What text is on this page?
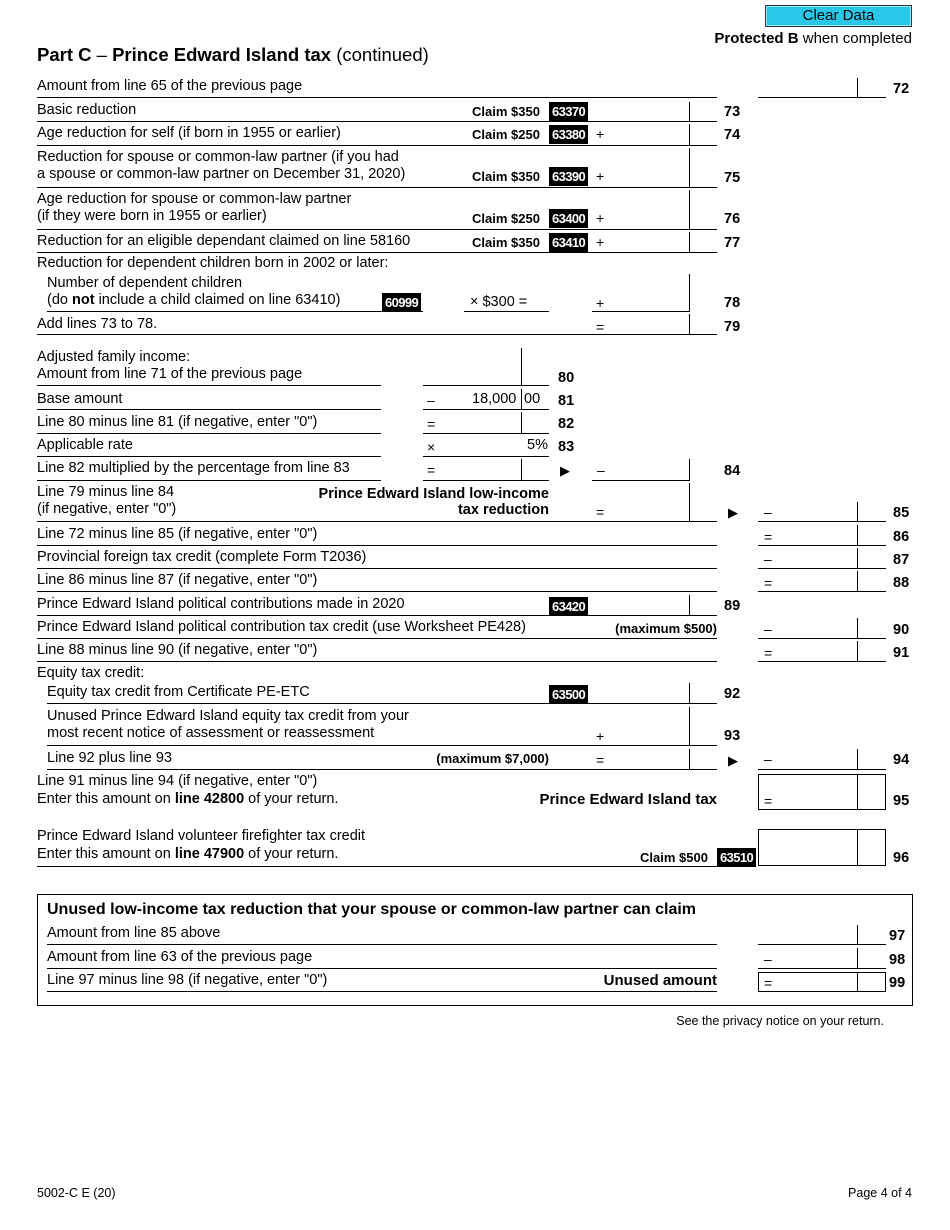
Clear Data
Protected B when completed
Part C – Prince Edward Island tax (continued)
Amount from line 65 of the previous page	72
Basic reduction	Claim $350 63370	73
Age reduction for self (if born in 1955 or earlier)	Claim $250 63380 +	74
Reduction for spouse or common-law partner (if you had
a spouse or common-law partner on December 31, 2020)	Claim $350 63390 +	75
Age reduction for spouse or common-law partner
(if they were born in 1955 or earlier)	Claim $250 63400 +	76
Reduction for an eligible dependant claimed on line 58160	Claim $350 63410 +	77
Reduction for dependent children born in 2002 or later:
Number of dependent children
(do not include a child claimed on line 63410)	60999	× $300 =	+	78
Add lines 73 to 78.	=	79
Adjusted family income:
Amount from line 71 of the previous page	80
Base amount	–	18,000 00 81
Line 80 minus line 81 (if negative, enter "0")	=	82
Applicable rate	×	5% 83
Line 82 multiplied by the percentage from line 83	=	▶ –	84
Line 79 minus line 84
(if negative, enter "0")
Prince Edward Island low-income
tax reduction	=	▶ –	85
Line 72 minus line 85 (if negative, enter "0")	=	86
Provincial foreign tax credit (complete Form T2036)	–	87
Line 86 minus line 87 (if negative, enter "0")	=	88
Prince Edward Island political contributions made in 2020	63420	89
Prince Edward Island political contribution tax credit (use Worksheet PE428)	(maximum $500)	–	90
Line 88 minus line 90 (if negative, enter "0")	=	91
Equity tax credit:
Equity tax credit from Certificate PE-ETC	63500	92
Unused Prince Edward Island equity tax credit from your
most recent notice of assessment or reassessment	+	93
Line 92 plus line 93	(maximum $7,000)	=	▶ –	94
Line 91 minus line 94 (if negative, enter "0")
Enter this amount on line 42800 of your return.	Prince Edward Island tax	=	95
Prince Edward Island volunteer firefighter tax credit
Enter this amount on line 47900 of your return.	Claim $500 63510	96
Unused low-income tax reduction that your spouse or common-law partner can claim
Amount from line 85 above	97
Amount from line 63 of the previous page	–	98
Line 97 minus line 98 (if negative, enter "0")	Unused amount	=	99
See the privacy notice on your return.
5002-C E (20)	Page 4 of 4
